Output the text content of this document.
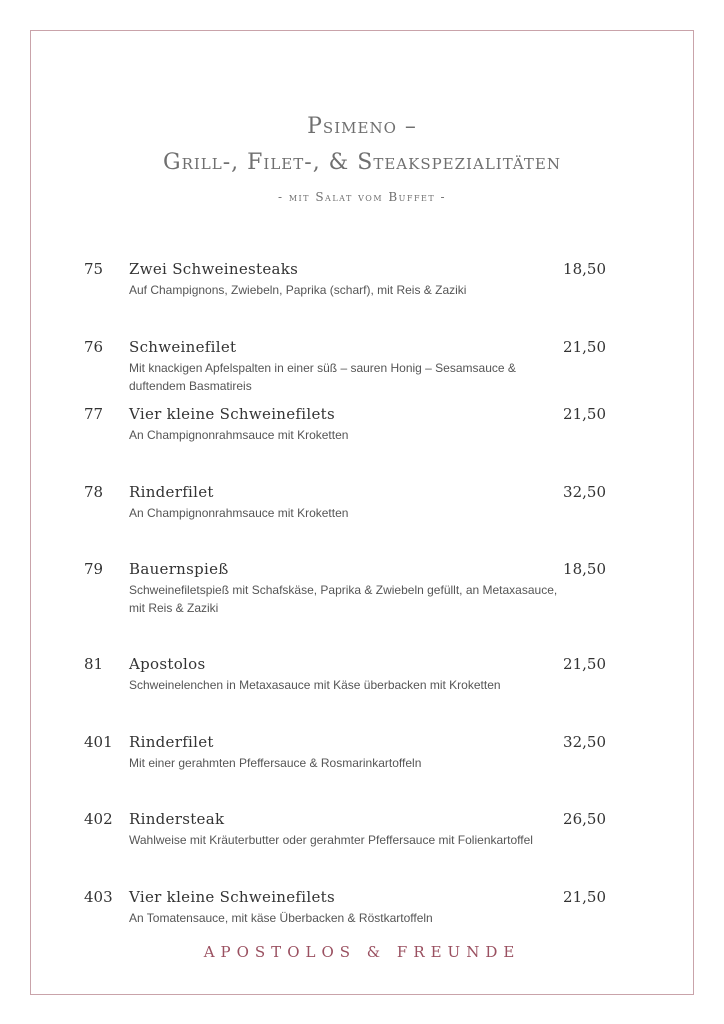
Psimeno –
Grill-, Filet-, & Steakspezialitäten
- mit Salat vom Buffet -
75 Zwei Schweinesteaks	18,50
Auf Champignons, Zwiebeln, Paprika (scharf), mit Reis & Zaziki
76 Schweinefilet	21,50
Mit knackigen Apfelspalten in einer süß – sauren Honig – Sesamsauce & duftendem Basmatireis
77 Vier kleine Schweinefilets	21,50
An Champignonrahmsauce mit Kroketten
78 Rinderfilet	32,50
An Champignonrahmsauce mit Kroketten
79 Bauernspieß	18,50
Schweinefiletspieß mit Schafskäse, Paprika & Zwiebeln gefüllt, an Metaxasauce, mit Reis & Zaziki
81 Apostolos	21,50
Schweinelenchen in Metaxasauce mit Käse überbacken mit Kroketten
401 Rinderfilet	32,50
Mit einer gerahmten Pfeffersauce & Rosmarinkartoffeln
402 Rindersteak	26,50
Wahlweise mit Kräuterbutter oder gerahmter Pfeffersauce mit Folienkartoffel
403 Vier kleine Schweinefilets	21,50
An Tomatensauce, mit käse Überbacken & Röstkartoffeln
APOSTOLOS & FREUNDE
